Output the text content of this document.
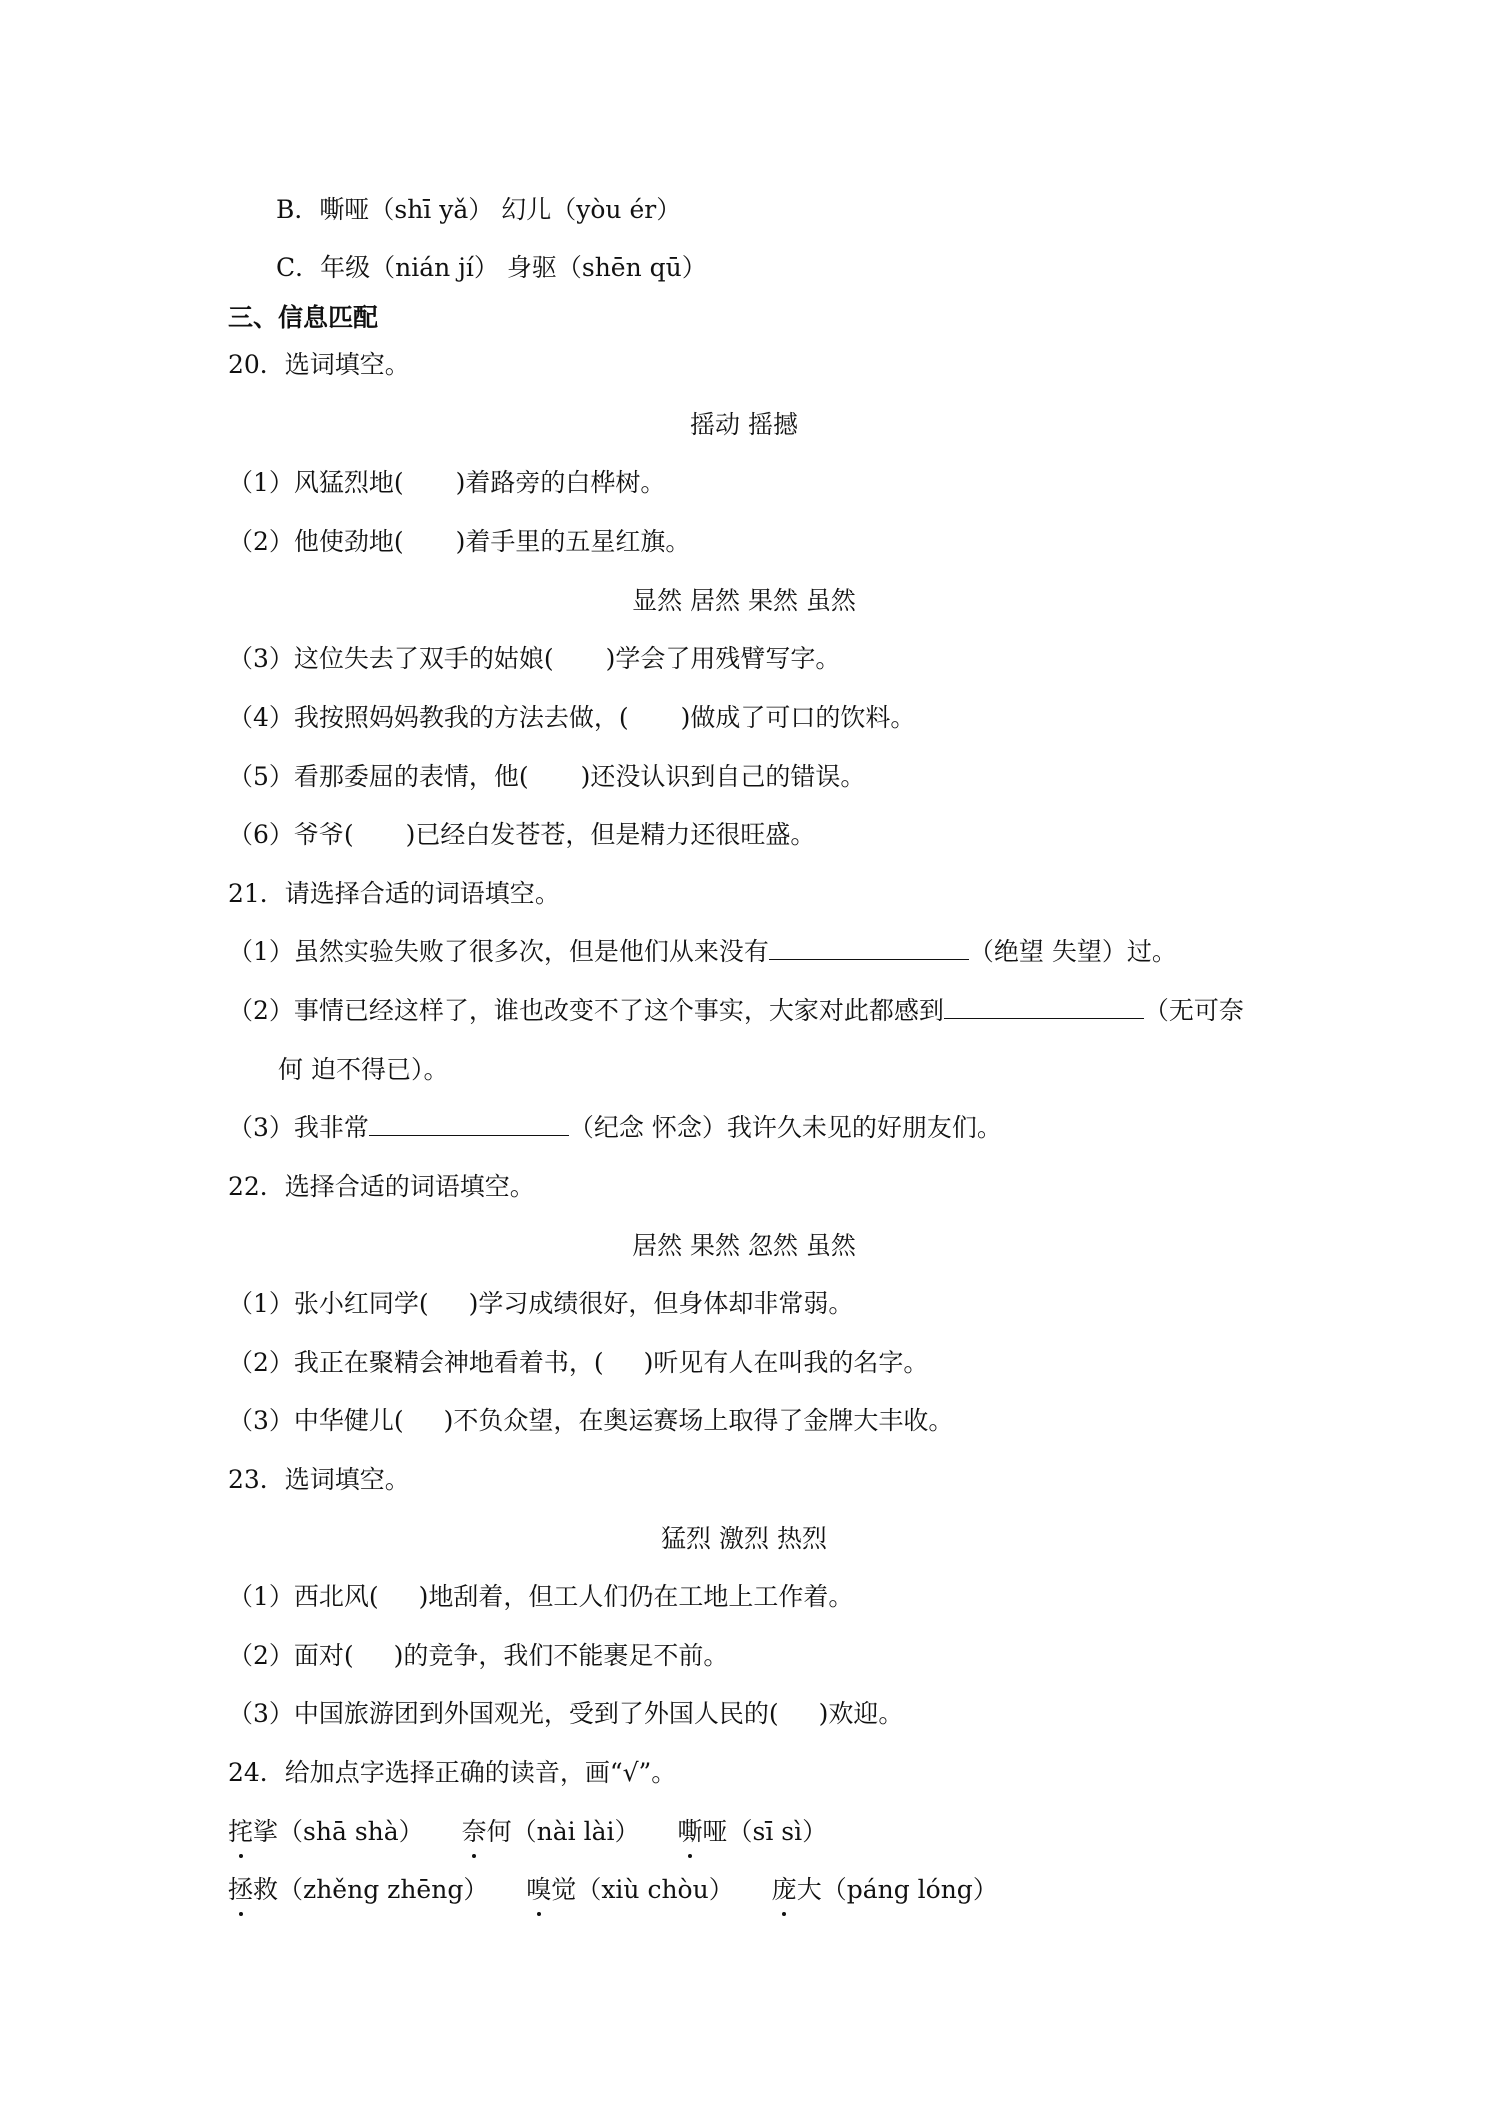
B．嘶哑（shī yǎ） 幻儿（yòu ér）
C．年级（nián jí） 身驱（shēn qū）
三、信息匹配
20．选词填空。
摇动 摇撼
（1）风猛烈地( )着路旁的白桦树。
（2）他使劲地( )着手里的五星红旗。
显然 居然 果然 虽然
（3）这位失去了双手的姑娘( )学会了用残臂写字。
（4）我按照妈妈教我的方法去做，( )做成了可口的饮料。
（5）看那委屈的表情，他( )还没认识到自己的错误。
（6）爷爷( )已经白发苍苍，但是精力还很旺盛。
21．请选择合适的词语填空。
（1）虽然实验失败了很多次，但是他们从来没有	（绝望 失望）过。
（2）事情已经这样了，谁也改变不了这个事实，大家对此都感到	（无可奈
何 迫不得已）。
（3）我非常	（纪念 怀念）我许久未见的好朋友们。
22．选择合适的词语填空。
居然 果然 忽然 虽然
（1）张小红同学( )学习成绩很好，但身体却非常弱。
（2）我正在聚精会神地看着书，( )听见有人在叫我的名字。
（3）中华健儿( )不负众望，在奥运赛场上取得了金牌大丰收。
23．选词填空。
猛烈 激烈 热烈
（1）西北风( )地刮着，但工人们仍在工地上工作着。
（2）面对( )的竞争，我们不能裹足不前。
（3）中国旅游团到外国观光，受到了外国人民的( )欢迎。
24．给加点字选择正确的读音，画“√”。
挓挲（shā shà） 奈何（nài lài） 嘶哑（sī sì）
拯救（zhěng zhēng） 嗅觉（xiù chòu） 庞大（páng lóng）
